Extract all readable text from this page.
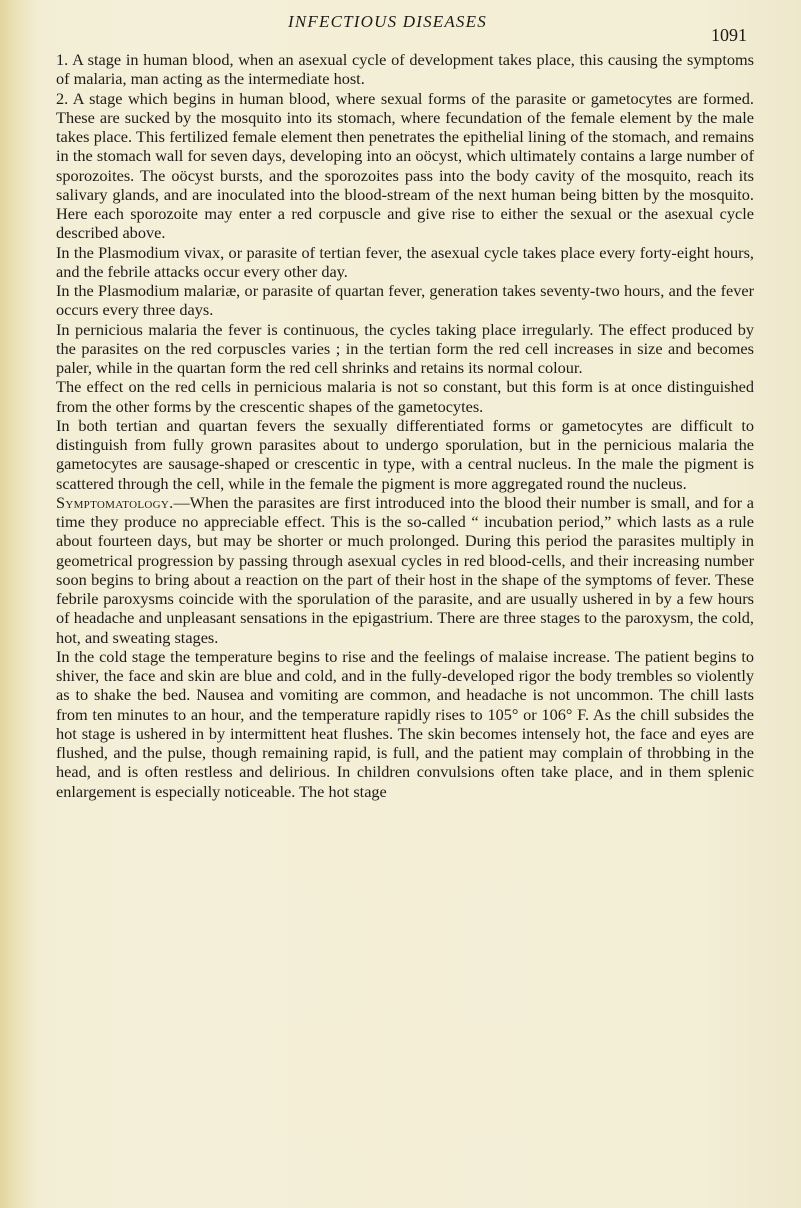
INFECTIOUS DISEASES
1091

1. A stage in human blood, when an asexual cycle of development takes place, this causing the symptoms of malaria, man acting as the intermediate host.

2. A stage which begins in human blood, where sexual forms of the parasite or gametocytes are formed. These are sucked by the mosquito into its stomach, where fecundation of the female element by the male takes place. This fertilized female element then penetrates the epithelial lining of the stomach, and remains in the stomach wall for seven days, developing into an oöcyst, which ultimately contains a large number of sporozoites. The oöcyst bursts, and the sporozoites pass into the body cavity of the mosquito, reach its salivary glands, and are inoculated into the blood-stream of the next human being bitten by the mosquito. Here each sporozoite may enter a red corpuscle and give rise to either the sexual or the asexual cycle described above.

In the Plasmodium vivax, or parasite of tertian fever, the asexual cycle takes place every forty-eight hours, and the febrile attacks occur every other day.

In the Plasmodium malariæ, or parasite of quartan fever, generation takes seventy-two hours, and the fever occurs every three days.

In pernicious malaria the fever is continuous, the cycles taking place irregularly. The effect produced by the parasites on the red corpuscles varies ; in the tertian form the red cell increases in size and becomes paler, while in the quartan form the red cell shrinks and retains its normal colour.

The effect on the red cells in pernicious malaria is not so constant, but this form is at once distinguished from the other forms by the crescentic shapes of the gametocytes.

In both tertian and quartan fevers the sexually differentiated forms or gametocytes are difficult to distinguish from fully grown parasites about to undergo sporulation, but in the pernicious malaria the gametocytes are sausage-shaped or crescentic in type, with a central nucleus. In the male the pigment is scattered through the cell, while in the female the pigment is more aggregated round the nucleus.

Symptomatology.—When the parasites are first introduced into the blood their number is small, and for a time they produce no appreciable effect. This is the so-called “ incubation period,” which lasts as a rule about fourteen days, but may be shorter or much prolonged. During this period the parasites multiply in geometrical progression by passing through asexual cycles in red blood-cells, and their increasing number soon begins to bring about a reaction on the part of their host in the shape of the symptoms of fever. These febrile paroxysms coincide with the sporulation of the parasite, and are usually ushered in by a few hours of headache and unpleasant sensations in the epigastrium. There are three stages to the paroxysm, the cold, hot, and sweating stages.

In the cold stage the temperature begins to rise and the feelings of malaise increase. The patient begins to shiver, the face and skin are blue and cold, and in the fully-developed rigor the body trembles so violently as to shake the bed. Nausea and vomiting are common, and headache is not uncommon. The chill lasts from ten minutes to an hour, and the temperature rapidly rises to 105° or 106° F. As the chill subsides the hot stage is ushered in by intermittent heat flushes. The skin becomes intensely hot, the face and eyes are flushed, and the pulse, though remaining rapid, is full, and the patient may complain of throbbing in the head, and is often restless and delirious. In children convulsions often take place, and in them splenic enlargement is especially noticeable. The hot stage
